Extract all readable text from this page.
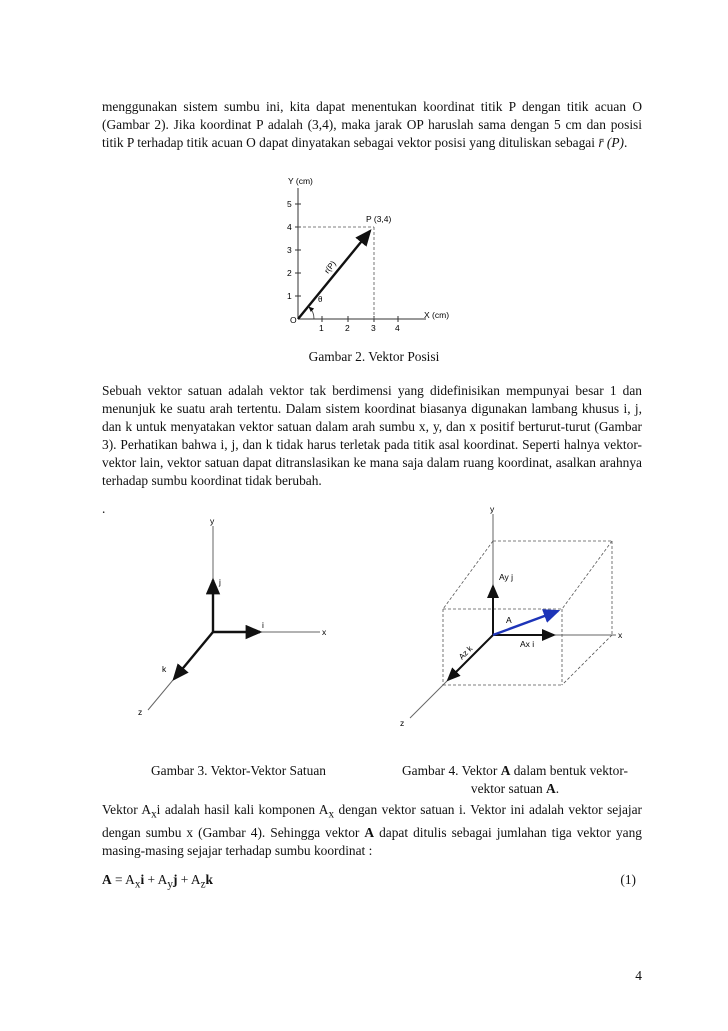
menggunakan sistem sumbu ini, kita dapat menentukan koordinat titik P dengan titik acuan O (Gambar 2). Jika koordinat P adalah (3,4), maka jarak OP haruslah sama dengan 5 cm dan posisi titik P terhadap titik acuan O dapat dinyatakan sebagai vektor posisi yang dituliskan sebagai r̄ (P).

Y (cm)
X (cm)
O
1
2
3
4
5
1	2	3 4
P (3,4)
r(P)
θ

Gambar 2. Vektor Posisi

Sebuah vektor satuan adalah vektor tak berdimensi yang didefinisikan mempunyai besar 1 dan menunjuk ke suatu arah tertentu. Dalam sistem koordinat biasanya digunakan lambang khusus i, j, dan k untuk menyatakan vektor satuan dalam arah sumbu x, y, dan x positif berturut-turut (Gambar 3). Perhatikan bahwa i, j, dan k tidak harus terletak pada titik asal koordinat. Seperti halnya vektor-vektor lain, vektor satuan dapat ditranslasikan ke mana saja dalam ruang koordinat, asalkan arahnya terhadap sumbu koordinat tidak berubah.

.

y
x
z
j
i
k
y
x
z
Ay j
A
Ax i
Az k

Gambar 3. Vektor-Vektor Satuan	Gambar 4. Vektor A dalam bentuk vektor-vektor satuan A.

Vektor $A_xi$ adalah hasil kali komponen $A_x$ dengan vektor satuan i. Vektor ini adalah vektor sejajar dengan sumbu x (Gambar 4). Sehingga vektor A dapat ditulis sebagai jumlahan tiga vektor yang masing-masing sejajar terhadap sumbu koordinat :

$A = A_xi + A_yj + A_zk$	(1)
4
